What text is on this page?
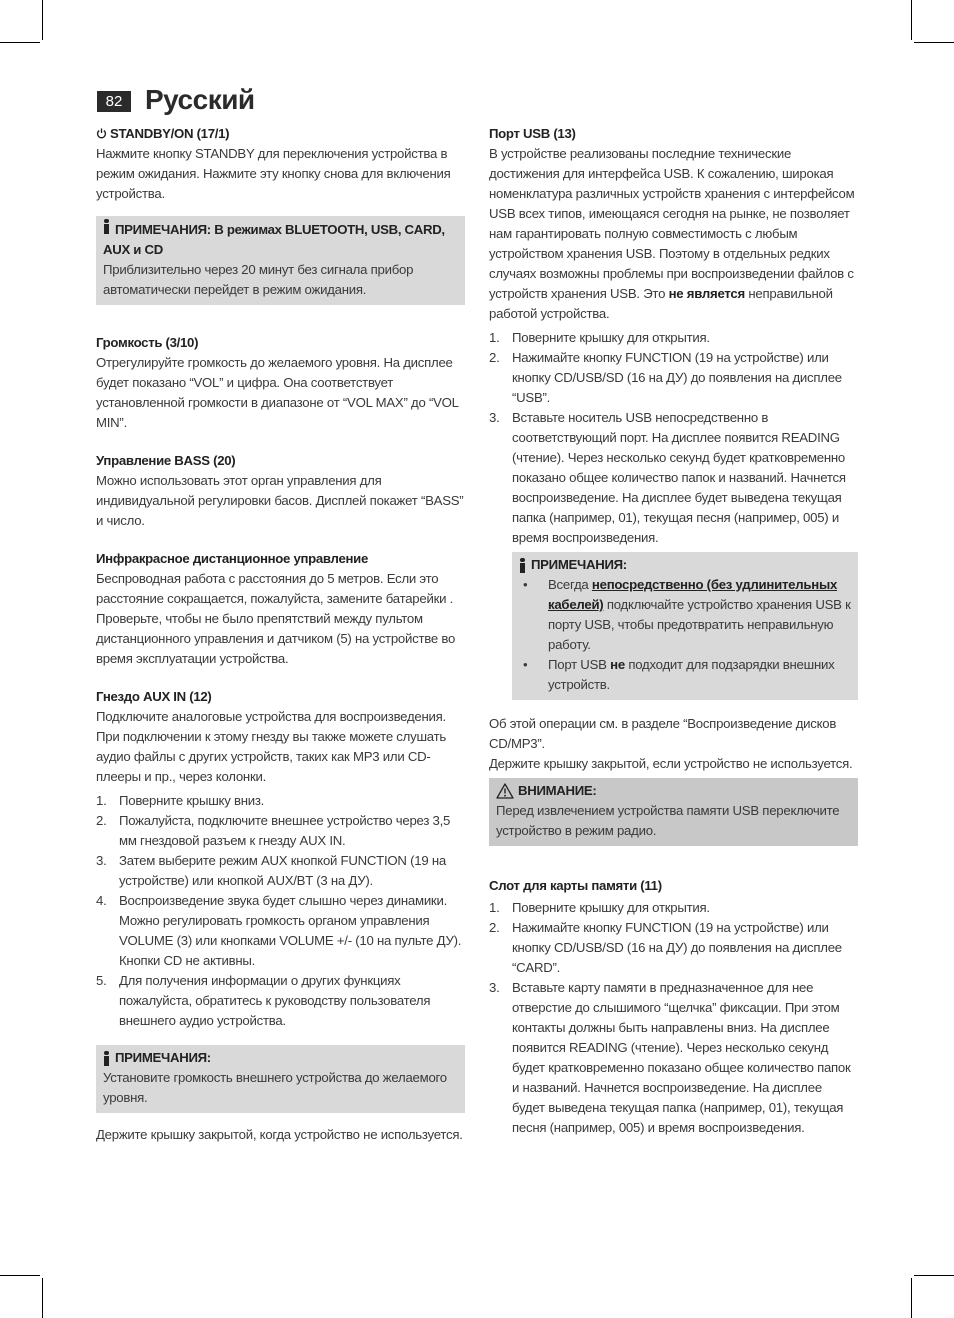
82 Русский
STANDBY/ON (17/1)

Нажмите кнопку STANDBY для переключения устройства в режим ожидания. Нажмите эту кнопку снова для включения устройства.

ПРИМЕЧАНИЯ: В режимах BLUETOOTH, USB, CARD, AUX и CD

Приблизительно через 20 минут без сигнала прибор автоматически перейдет в режим ожидания.

Громкость (3/10)

Отрегулируйте громкость до желаемого уровня. На дисплее будет показано “VOL” и цифра. Она соответствует установленной громкости в диапазоне от “VOL MAX” до “VOL MIN”.

Управление BASS (20)

Можно использовать этот орган управления для индивидуальной регулировки басов. Дисплей покажет “BASS” и число.

Инфракрасное дистанционное управление

Беспроводная работа с расстояния до 5 метров. Если это расстояние сокращается, пожалуйста, замените батарейки . Проверьте, чтобы не было препятствий между пультом дистанционного управления и датчиком (5) на устройстве во время эксплуатации устройства.

Гнездо AUX IN (12)

Подключите аналоговые устройства для воспроизведения. При подключении к этому гнезду вы также можете слушать аудио файлы с других устройств, таких как MP3 или CD-плееры и пр., через колонки.

1. Поверните крышку вниз.
2. Пожалуйста, подключите внешнее устройство через 3,5 мм гнездовой разъем к гнезду AUX IN.
3. Затем выберите режим AUX кнопкой FUNCTION (19 на устройстве) или кнопкой AUX/BT (3 на ДУ).
4. Воспроизведение звука будет слышно через динамики. Можно регулировать громкость органом управления VOLUME (3) или кнопками VOLUME +/- (10 на пульте ДУ). Кнопки CD не активны.
5. Для получения информации о других функциях пожалуйста, обратитесь к руководству пользователя внешнего аудио устройства.
ПРИМЕЧАНИЯ:

Установите громкость внешнего устройства до желаемого уровня.

Держите крышку закрытой, когда устройство не используется.

Порт USB (13)

В устройстве реализованы последние технические достижения для интерфейса USB. К сожалению, широкая номенклатура различных устройств хранения с интерфейсом USB всех типов, имеющаяся сегодня на рынке, не позволяет нам гарантировать полную совместимость с любым устройством хранения USB. Поэтому в отдельных редких случаях возможны проблемы при воспроизведении файлов с устройств хранения USB. Это не является неправильной работой устройства.

1. Поверните крышку для открытия.
2. Нажимайте кнопку FUNCTION (19 на устройстве) или кнопку CD/USB/SD (16 на ДУ) до появления на дисплее “USB”.
3. Вставьте носитель USB непосредственно в соответствующий порт. На дисплее появится READING (чтение). Через несколько секунд будет кратковременно показано общее количество папок и названий. Начнется воспроизведение. На дисплее будет выведена текущая папка (например, 01), текущая песня (например, 005) и время воспроизведения.
ПРИМЕЧАНИЯ:
• Всегда непосредственно (без удлинительных кабелей) подключайте устройство хранения USB к порту USB, чтобы предотвратить неправильную работу.
• Порт USB не подходит для подзарядки внешних устройств.

Об этой операции см. в разделе “Воспроизведение дисков CD/MP3”.

Держите крышку закрытой, если устройство не используется.

ВНИМАНИЕ:

Перед извлечением устройства памяти USB переключите устройство в режим радио.

Слот для карты памяти (11)
1. Поверните крышку для открытия.
2. Нажимайте кнопку FUNCTION (19 на устройстве) или кнопку CD/USB/SD (16 на ДУ) до появления на дисплее “CARD”.
3. Вставьте карту памяти в предназначенное для нее отверстие до слышимого “щелчка” фиксации. При этом контакты должны быть направлены вниз. На дисплее появится READING (чтение). Через несколько секунд будет кратковременно показано общее количество папок и названий. Начнется воспроизведение. На дисплее будет выведена текущая папка (например, 01), текущая песня (например, 005) и время воспроизведения.
